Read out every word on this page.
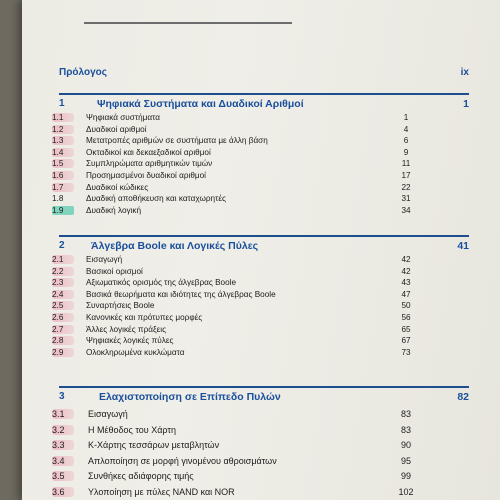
Πρόλογος	ix
1	Ψηφιακά Συστήματα και Δυαδικοί Αριθμοί	1
1.1	Ψηφιακά συστήματα	1
1.2	Δυαδικοί αριθμοί	4
1.3	Μετατροπές αριθμών σε συστήματα με άλλη βάση	6
1.4	Οκταδικοί και δεκαεξαδικοί αριθμοί	9
1.5	Συμπληρώματα αριθμητικών τιμών	11
1.6	Προσημασμένοι δυαδικοί αριθμοί	17
1.7	Δυαδικοί κώδικες	22
1.8	Δυαδική αποθήκευση και καταχωρητές	31
1.9	Δυαδική λογική	34
2	Άλγεβρα Boole και Λογικές Πύλες	41
2.1	Εισαγωγή	42
2.2	Βασικοί ορισμοί	42
2.3	Αξιωματικός ορισμός της άλγεβρας Boole	43
2.4	Βασικά θεωρήματα και ιδιότητες της άλγεβρας Boole	47
2.5	Συναρτήσεις Boole	50
2.6	Κανονικές και πρότυπες μορφές	56
2.7	Άλλες λογικές πράξεις	65
2.8	Ψηφιακές λογικές πύλες	67
2.9	Ολοκληρωμένα κυκλώματα	73
3	Ελαχιστοποίηση σε Επίπεδο Πυλών	82
3.1	Εισαγωγή	83
3.2	Η Μέθοδος του Χάρτη	83
3.3	Κ-Χάρτης τεσσάρων μεταβλητών	90
3.4	Απλοποίηση σε μορφή γινομένου αθροισμάτων	95
3.5	Συνθήκες αδιάφορης τιμής	99
3.6	Υλοποίηση με πύλες NAND και NOR	102
